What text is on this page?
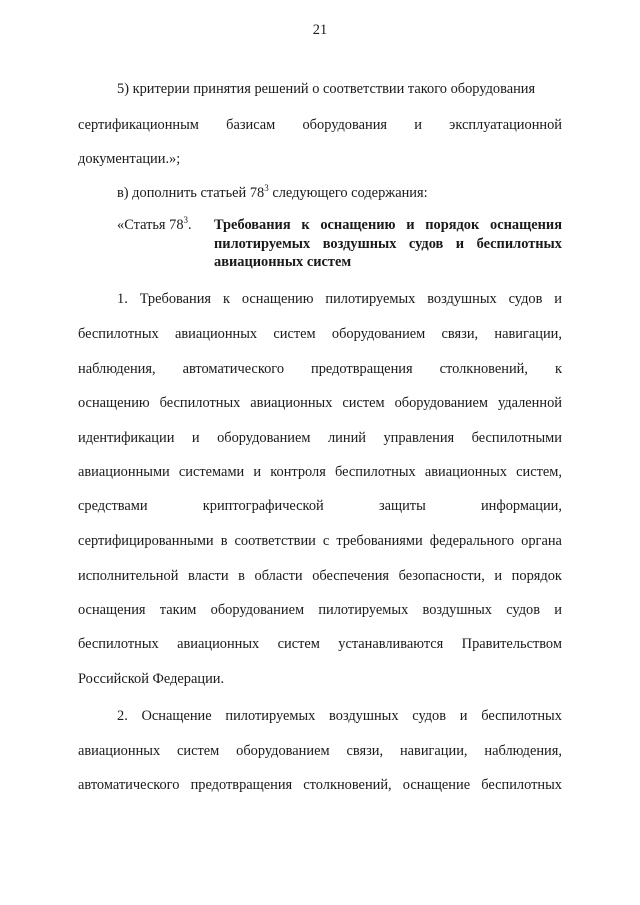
21
5) критерии принятия решений о соответствии такого оборудования
сертификационным базисам оборудования и эксплуатационной
документации.»;
в) дополнить статьей $78^3$ следующего содержания:
«Статья $78^3$. Требования к оснащению и порядок оснащения пилотируемых воздушных судов и беспилотных авиационных систем
1. Требования к оснащению пилотируемых воздушных судов и
беспилотных авиационных систем оборудованием связи, навигации,
наблюдения, автоматического предотвращения столкновений, к
оснащению беспилотных авиационных систем оборудованием удаленной
идентификации и оборудованием линий управления беспилотными
авиационными системами и контроля беспилотных авиационных систем,
средствами	криптографической	защиты	информации,
сертифицированными в соответствии с требованиями федерального органа
исполнительной власти в области обеспечения безопасности, и порядок
оснащения таким оборудованием пилотируемых воздушных судов и
беспилотных авиационных систем устанавливаются Правительством
Российской Федерации.
2. Оснащение пилотируемых воздушных судов и беспилотных
авиационных систем оборудованием связи, навигации, наблюдения,
автоматического предотвращения столкновений, оснащение беспилотных
